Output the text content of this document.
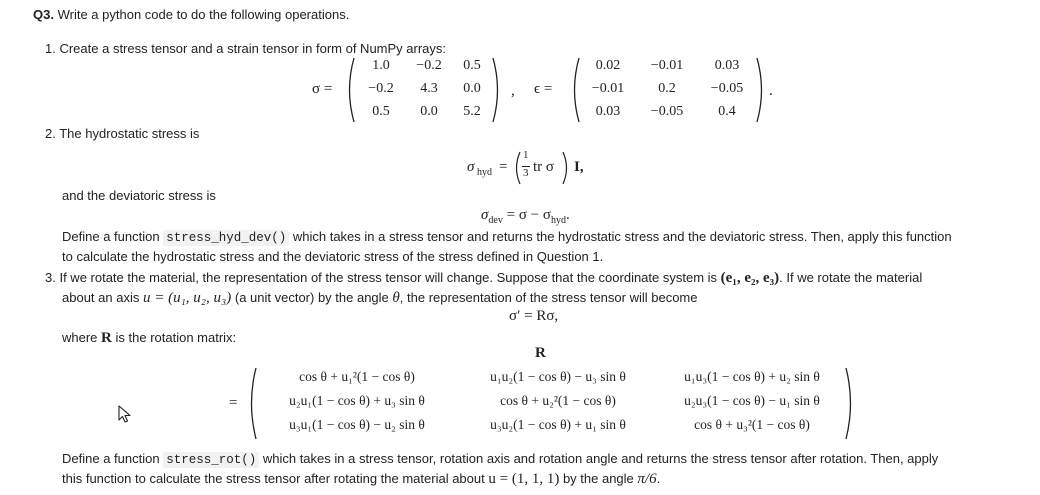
Q3. Write a python code to do the following operations.
1. Create a stress tensor and a strain tensor in form of NumPy arrays:
σ =
1.0	−0.2	0.5
−0.2	4.3	0.0
0.5	0.0	5.2
, ϵ =
0.02	−0.01	0.03
−0.01	0.2	−0.05
0.03	−0.05	0.4
.
2. The hydrostatic stress is
σ hyd =
1
3 tr σ I,
and the deviatoric stress is
$\sigma_{dev} = \sigma - \sigma_{hyd}$.
Define a function stress_hyd_dev() which takes in a stress tensor and returns the hydrostatic stress and the deviatoric stress. Then, apply this function
to calculate the hydrostatic stress and the deviatoric stress of the stress defined in Question 1.
3. If we rotate the material, the representation of the stress tensor will change. Suppose that the coordinate system is (e₁, e₂, e₃). If we rotate the material
about an axis u = (u₁, u₂, u₃) (a unit vector) by the angle θ, the representation of the stress tensor will become
σ′ = Rσ,
where R is the rotation matrix:
R
=
cos θ + u₁²(1 − cos θ)	u₁u₂(1 − cos θ) − u₃ sin θ	u₁u₃(1 − cos θ) + u₂ sin θ
u₂u₁(1 − cos θ) + u₃ sin θ	cos θ + u₂²(1 − cos θ)	u₂u₃(1 − cos θ) − u₁ sin θ
u₃u₁(1 − cos θ) − u₂ sin θ	u₃u₂(1 − cos θ) + u₁ sin θ	cos θ + u₃²(1 − cos θ)
Define a function stress_rot() which takes in a stress tensor, rotation axis and rotation angle and returns the stress tensor after rotation. Then, apply
this function to calculate the stress tensor after rotating the material about u = (1, 1, 1) by the angle π/6.
